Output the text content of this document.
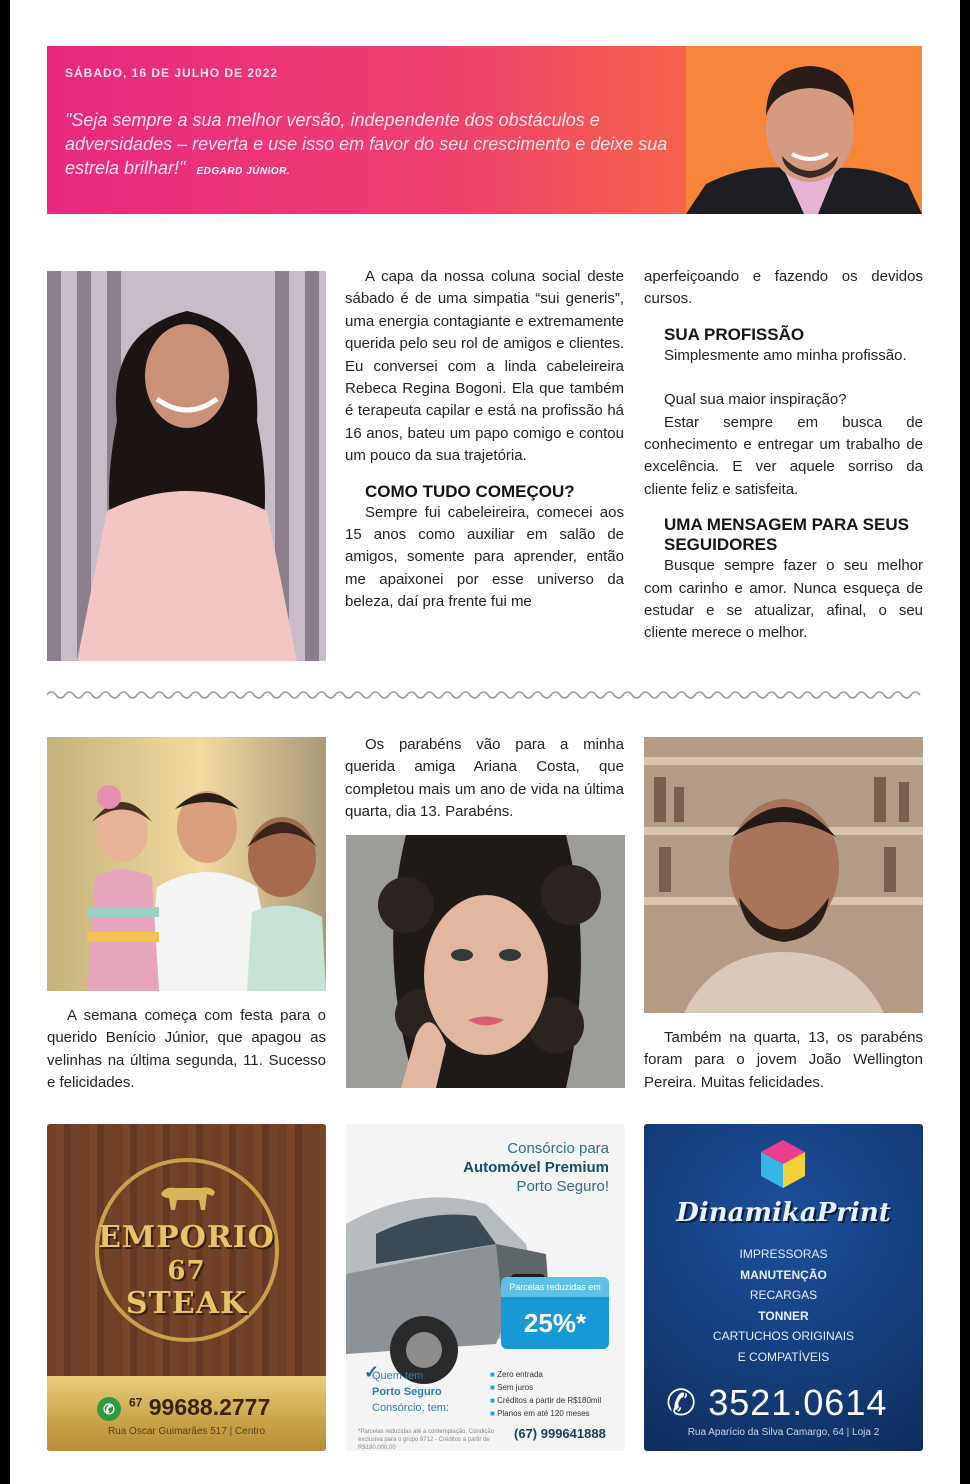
SÁBADO, 16 DE JULHO DE 2022
"Seja sempre a sua melhor versão, independente dos obstáculos e adversidades – reverta e use isso em favor do seu crescimento e deixe sua estrela brilhar!" EDGARD JÚNIOR.

A capa da nossa coluna social deste sábado é de uma simpatia “sui generis”, uma energia contagiante e extremamente querida pelo seu rol de amigos e clientes. Eu conversei com a linda cabeleireira Rebeca Regina Bogoni. Ela que também é terapeuta capilar e está na profissão há 16 anos, bateu um papo comigo e contou um pouco da sua trajetória.

COMO TUDO COMEÇOU?

Sempre fui cabeleireira, comecei aos 15 anos como auxiliar em salão de amigos, somente para aprender, então me apaixonei por esse universo da beleza, daí pra frente fui me

aperfeiçoando e fazendo os devidos cursos.

SUA PROFISSÃO

Simplesmente amo minha profissão.

Qual sua maior inspiração?

Estar sempre em busca de conhecimento e entregar um trabalho de excelência. E ver aquele sorriso da cliente feliz e satisfeita.

UMA MENSAGEM PARA SEUS SEGUIDORES

Busque sempre fazer o seu melhor com carinho e amor. Nunca esqueça de estudar e se atualizar, afinal, o seu cliente merece o melhor.

A semana começa com festa para o querido Benício Júnior, que apagou as velinhas na última segunda, 11. Sucesso e felicidades.

Os parabéns vão para a minha querida amiga Ariana Costa, que completou mais um ano de vida na última quarta, dia 13. Parabéns.

Também na quarta, 13, os parabéns foram para o jovem João Wellington Pereira. Muitas felicidades.

EMPORIO
67
STEAK
✆ $^{67}$ 99688.2777
Rua Oscar Guimarães 517 | Centro
Consórcio para
Automóvel Premium
Porto Seguro!
Parcelas reduzidas em
25%*
✓
Quem tem
Porto Seguro
Consórcio, tem:
■ Zero entrada
■ Sem juros
■ Créditos a partir de R$180mil
■ Planos em até 120 meses
*Parcelas reduzidas até a contemplação. Condição exclusiva para o grupo 9712 - Créditos a partir de R$180.000,00
(67) 999641888
DinamikaPrint
IMPRESSORAS
MANUTENÇÃO
RECARGAS
TONNER
CARTUCHOS ORIGINAIS
E COMPATÍVEIS
✆ 3521.0614
Rua Aparício da Silva Camargo, 64 | Loja 2
